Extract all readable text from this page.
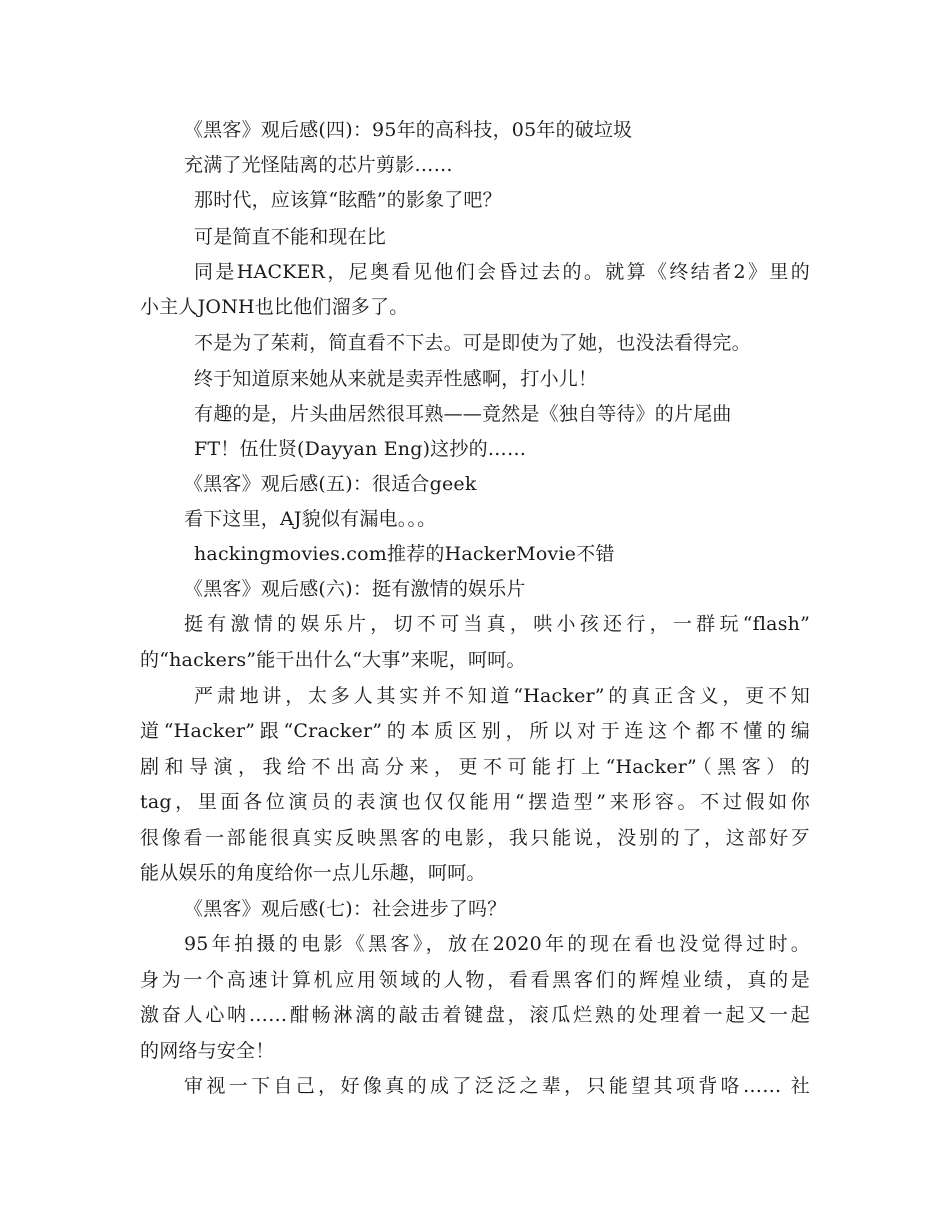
《黑客》观后感(四)：95年的高科技，05年的破垃圾
充满了光怪陆离的芯片剪影……
那时代，应该算“眩酷”的影象了吧？
可是简直不能和现在比
同是HACKER，尼奥看见他们会昏过去的。就算《终结者2》里的
小主人JONH也比他们溜多了。
不是为了茱莉，简直看不下去。可是即使为了她，也没法看得完。
终于知道原来她从来就是卖弄性感啊，打小儿！
有趣的是，片头曲居然很耳熟——竟然是《独自等待》的片尾曲
FT！伍仕贤(Dayyan Eng)这抄的……
《黑客》观后感(五)：很适合geek
看下这里，AJ貌似有漏电。。。
hackingmovies.com推荐的HackerMovie不错
《黑客》观后感(六)：挺有激情的娱乐片
挺有激情的娱乐片，切不可当真，哄小孩还行，一群玩“flash”
的“hackers”能干出什么“大事”来呢，呵呵。
严肃地讲，太多人其实并不知道“Hacker”的真正含义，更不知
道“Hacker”跟“Cracker”的本质区别，所以对于连这个都不懂的编
剧和导演，我给不出高分来，更不可能打上“Hacker”（黑客）的
tag，里面各位演员的表演也仅仅能用“摆造型”来形容。不过假如你
很像看一部能很真实反映黑客的电影，我只能说，没别的了，这部好歹
能从娱乐的角度给你一点儿乐趣，呵呵。
《黑客》观后感(七)：社会进步了吗？
95年拍摄的电影《黑客》，放在2020年的现在看也没觉得过时。
身为一个高速计算机应用领域的人物，看看黑客们的辉煌业绩，真的是
激奋人心呐……酣畅淋漓的敲击着键盘，滚瓜烂熟的处理着一起又一起
的网络与安全！
审视一下自己，好像真的成了泛泛之辈，只能望其项背咯…… 社
